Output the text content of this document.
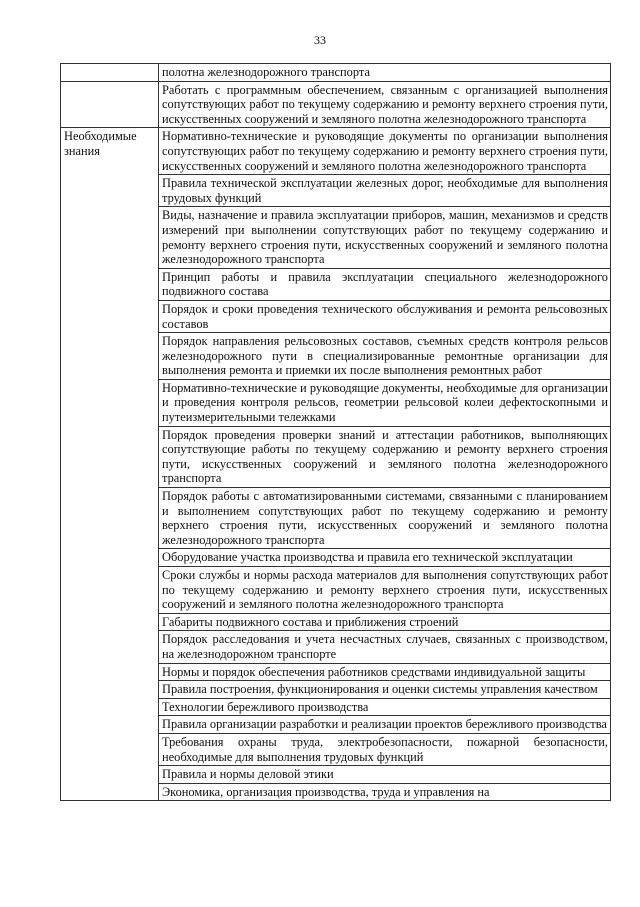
33
	полотна железнодорожного транспорта
	Работать с программным обеспечением, связанным с организацией выполнения сопутствующих работ по текущему содержанию и ремонту верхнего строения пути, искусственных сооружений и земляного полотна железнодорожного транспорта
Необходимые знания	Нормативно-технические и руководящие документы по организации выполнения сопутствующих работ по текущему содержанию и ремонту верхнего строения пути, искусственных сооружений и земляного полотна железнодорожного транспорта
	Правила технической эксплуатации железных дорог, необходимые для выполнения трудовых функций
	Виды, назначение и правила эксплуатации приборов, машин, механизмов и средств измерений при выполнении сопутствующих работ по текущему содержанию и ремонту верхнего строения пути, искусственных сооружений и земляного полотна железнодорожного транспорта
	Принцип работы и правила эксплуатации специального железнодорожного подвижного состава
	Порядок и сроки проведения технического обслуживания и ремонта рельсовозных составов
	Порядок направления рельсовозных составов, съемных средств контроля рельсов железнодорожного пути в специализированные ремонтные организации для выполнения ремонта и приемки их после выполнения ремонтных работ
	Нормативно-технические и руководящие документы, необходимые для организации и проведения контроля рельсов, геометрии рельсовой колеи дефектоскопными и путеизмерительными тележками
	Порядок проведения проверки знаний и аттестации работников, выполняющих сопутствующие работы по текущему содержанию и ремонту верхнего строения пути, искусственных сооружений и земляного полотна железнодорожного транспорта
	Порядок работы с автоматизированными системами, связанными с планированием и выполнением сопутствующих работ по текущему содержанию и ремонту верхнего строения пути, искусственных сооружений и земляного полотна железнодорожного транспорта
	Оборудование участка производства и правила его технической эксплуатации
	Сроки службы и нормы расхода материалов для выполнения сопутствующих работ по текущему содержанию и ремонту верхнего строения пути, искусственных сооружений и земляного полотна железнодорожного транспорта
	Габариты подвижного состава и приближения строений
	Порядок расследования и учета несчастных случаев, связанных с производством, на железнодорожном транспорте
	Нормы и порядок обеспечения работников средствами индивидуальной защиты
	Правила построения, функционирования и оценки системы управления качеством
	Технологии бережливого производства
	Правила организации разработки и реализации проектов бережливого производства
	Требования охраны труда, электробезопасности, пожарной безопасности, необходимые для выполнения трудовых функций
	Правила и нормы деловой этики
	Экономика, организация производства, труда и управления на
